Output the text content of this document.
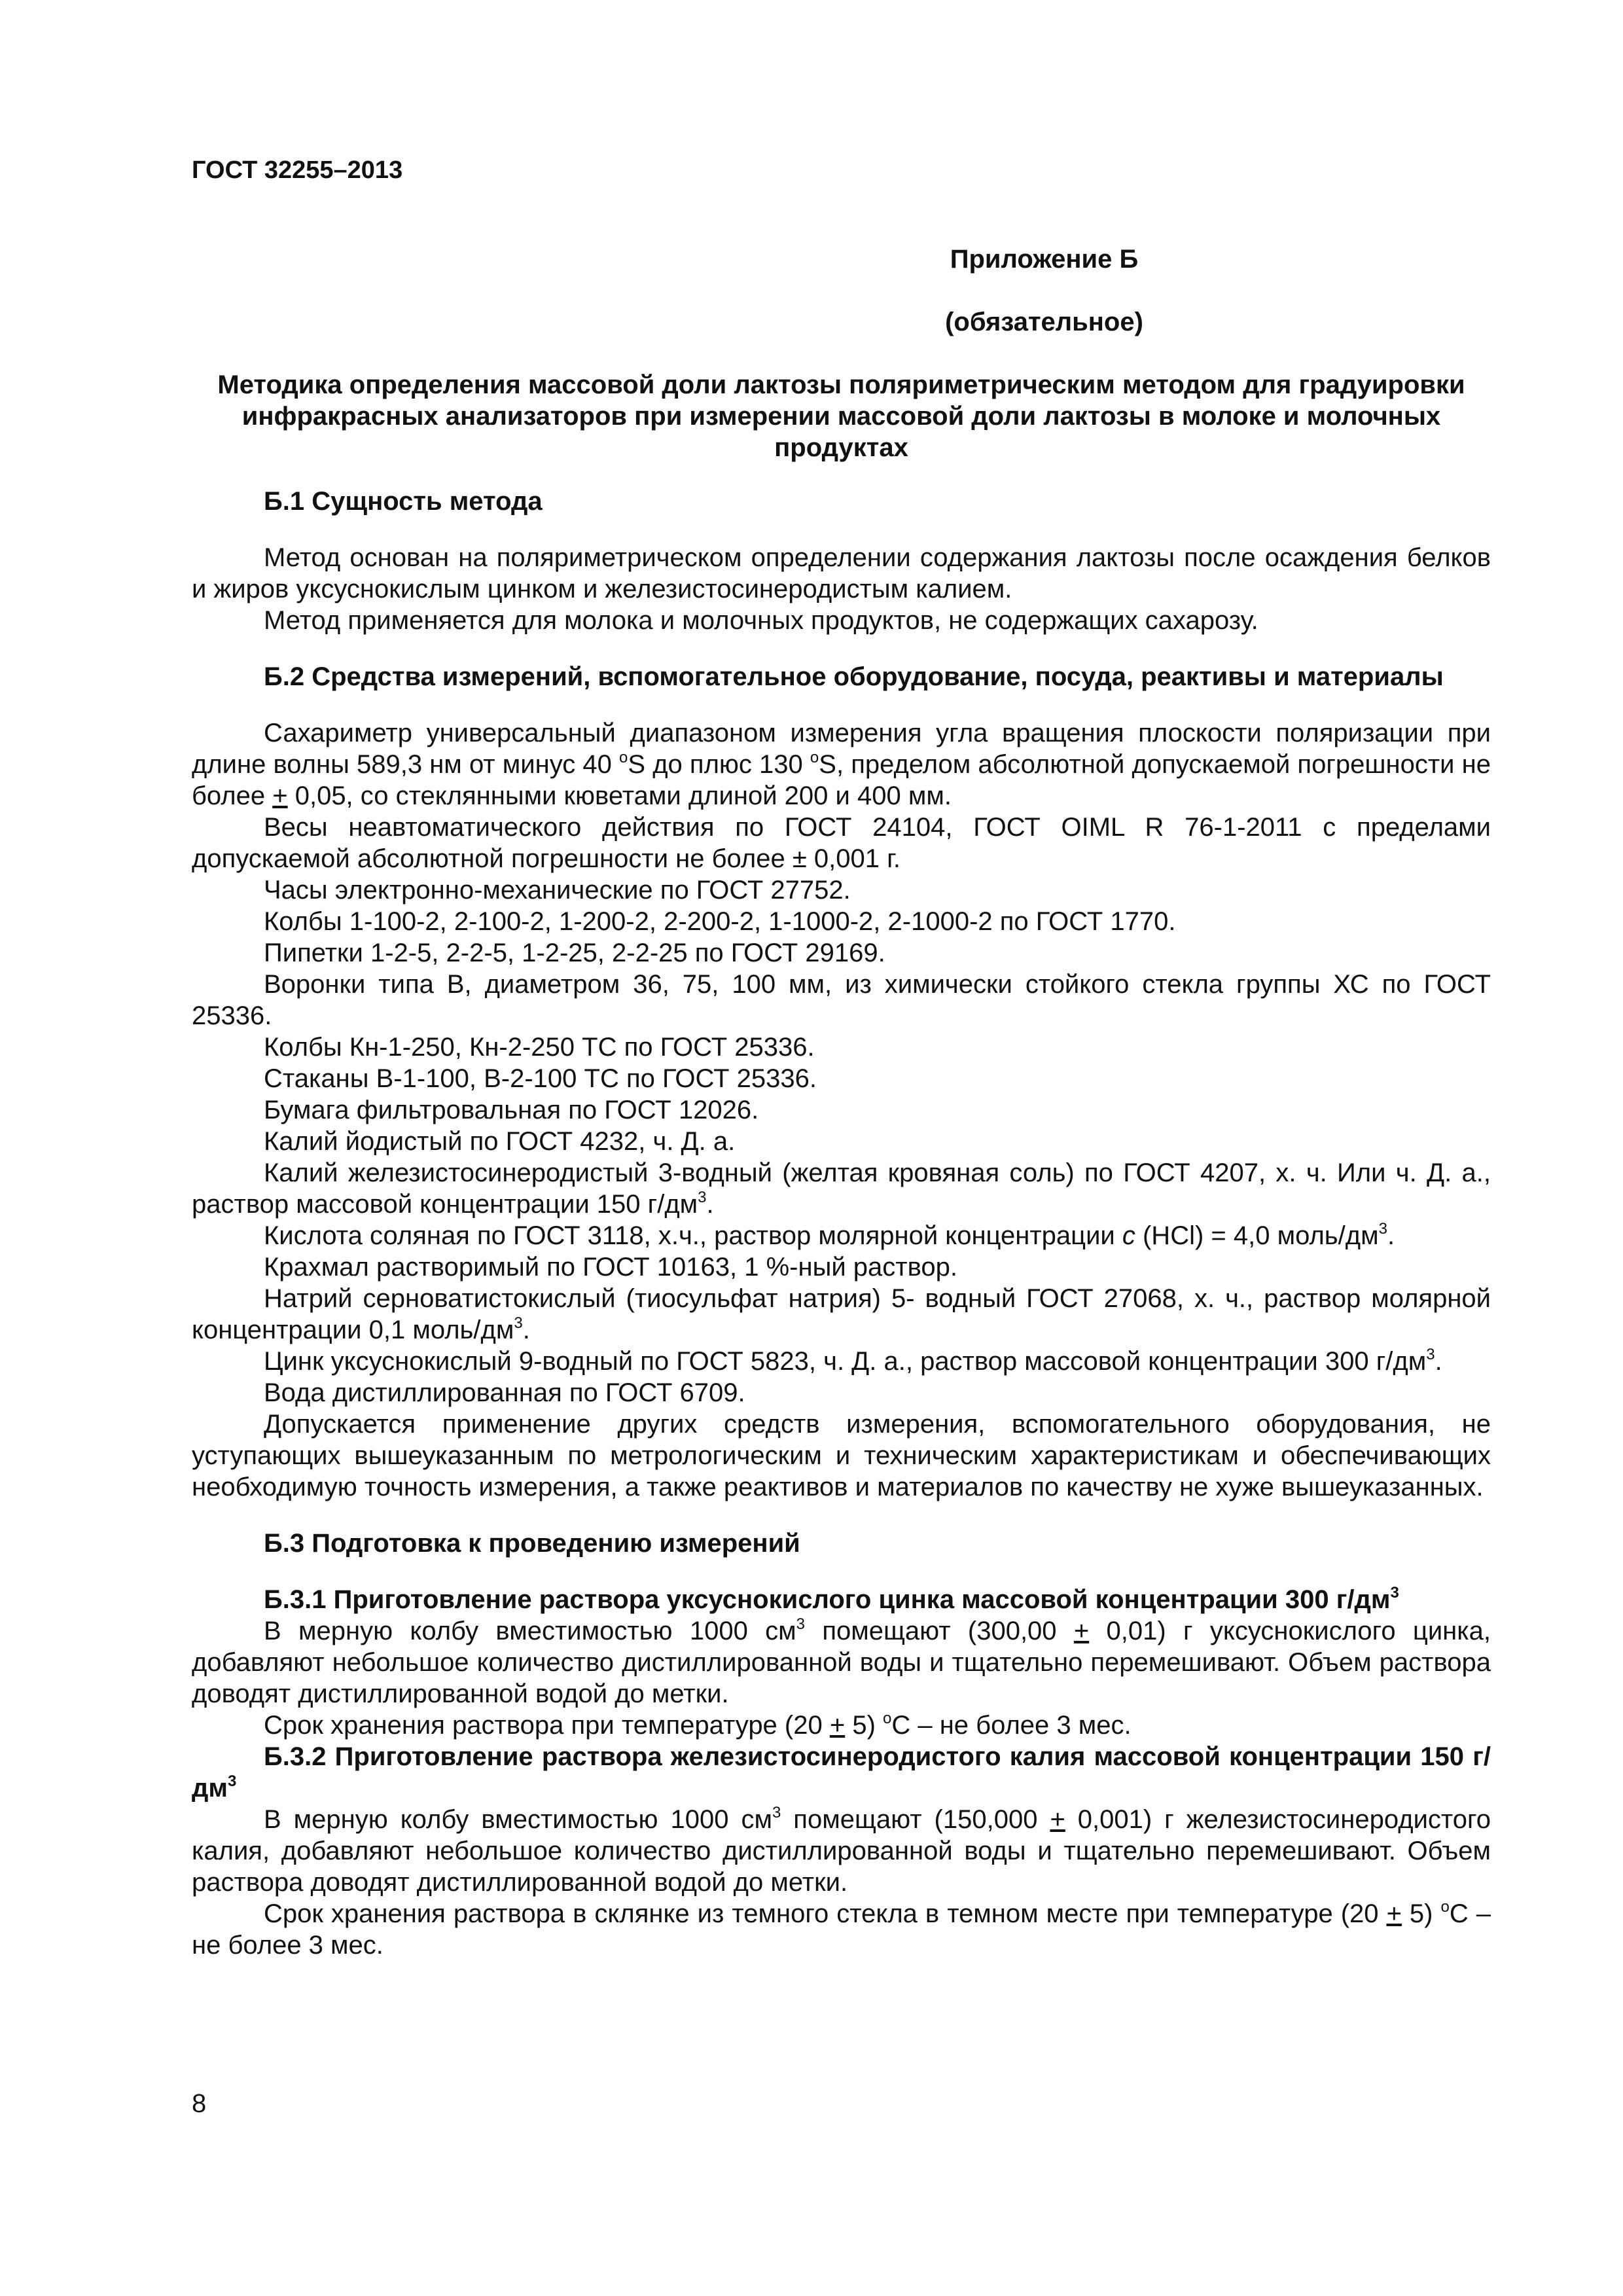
ГОСТ 32255–2013
Приложение Б
(обязательное)
Методика определения массовой доли лактозы поляриметрическим методом для градуировки инфракрасных анализаторов при измерении массовой доли лактозы в молоке и молочных продуктах
Б.1 Сущность метода

Метод основан на поляриметрическом определении содержания лактозы после осаждения белков и жиров уксуснокислым цинком и железистосинеродистым калием.

Метод применяется для молока и молочных продуктов, не содержащих сахарозу.

Б.2 Средства измерений, вспомогательное оборудование, посуда, реактивы и материалы

Сахариметр универсальный диапазоном измерения угла вращения плоскости поляризации при длине волны 589,3 нм от минус 40 $^o$S до плюс 130 $^o$S, пределом абсолютной допускаемой погрешности не более + 0,05, со стеклянными кюветами длиной 200 и 400 мм.

Весы неавтоматического действия по ГОСТ 24104, ГОСТ OIML R 76-1-2011 с пределами допускаемой абсолютной погрешности не более ± 0,001 г.

Часы электронно-механические по ГОСТ 27752.

Колбы 1-100-2, 2-100-2, 1-200-2, 2-200-2, 1-1000-2, 2-1000-2 по ГОСТ 1770.

Пипетки 1-2-5, 2-2-5, 1-2-25, 2-2-25 по ГОСТ 29169.

Воронки типа В, диаметром 36, 75, 100 мм, из химически стойкого стекла группы ХС по ГОСТ 25336.

Колбы Кн-1-250, Кн-2-250 ТС по ГОСТ 25336.

Стаканы В-1-100, В-2-100 ТС по ГОСТ 25336.

Бумага фильтровальная по ГОСТ 12026.

Калий йодистый по ГОСТ 4232, ч. Д. а.

Калий железистосинеродистый 3-водный (желтая кровяная соль) по ГОСТ 4207, х. ч. Или ч. Д. а., раствор массовой концентрации 150 $г/дм^3$.

Кислота соляная по ГОСТ 3118, х.ч., раствор молярной концентрации с (HCl) = 4,0 моль/$дм^3$.

Крахмал растворимый по ГОСТ 10163, 1 %-ный раствор.

Натрий серноватистокислый (тиосульфат натрия) 5- водный ГОСТ 27068, х. ч., раствор молярной концентрации 0,1 моль/$дм^3$.

Цинк уксуснокислый 9-водный по ГОСТ 5823, ч. Д. а., раствор массовой концентрации 300 $г/дм^3$.

Вода дистиллированная по ГОСТ 6709.

Допускается применение других средств измерения, вспомогательного оборудования, не уступающих вышеуказанным по метрологическим и техническим характеристикам и обеспечивающих необходимую точность измерения, а также реактивов и материалов по качеству не хуже вышеуказанных.

Б.3 Подготовка к проведению измерений
Б.3.1 Приготовление раствора уксуснокислого цинка массовой концентрации 300 $г/дм^3$

В мерную колбу вместимостью 1000 $см^3$ помещают (300,00 + 0,01) г уксуснокислого цинка, добавляют небольшое количество дистиллированной воды и тщательно перемешивают. Объем раствора доводят дистиллированной водой до метки.

Срок хранения раствора при температуре (20 + 5) $^o$С – не более 3 мес.

Б.3.2 Приготовление раствора железистосинеродистого калия массовой концентрации 150 $г/дм^3$

В мерную колбу вместимостью 1000 $см^3$ помещают (150,000 + 0,001) г железистосинеродистого калия, добавляют небольшое количество дистиллированной воды и тщательно перемешивают. Объем раствора доводят дистиллированной водой до метки.

Срок хранения раствора в склянке из темного стекла в темном месте при температуре (20 + 5) $^o$С – не более 3 мес.

8
